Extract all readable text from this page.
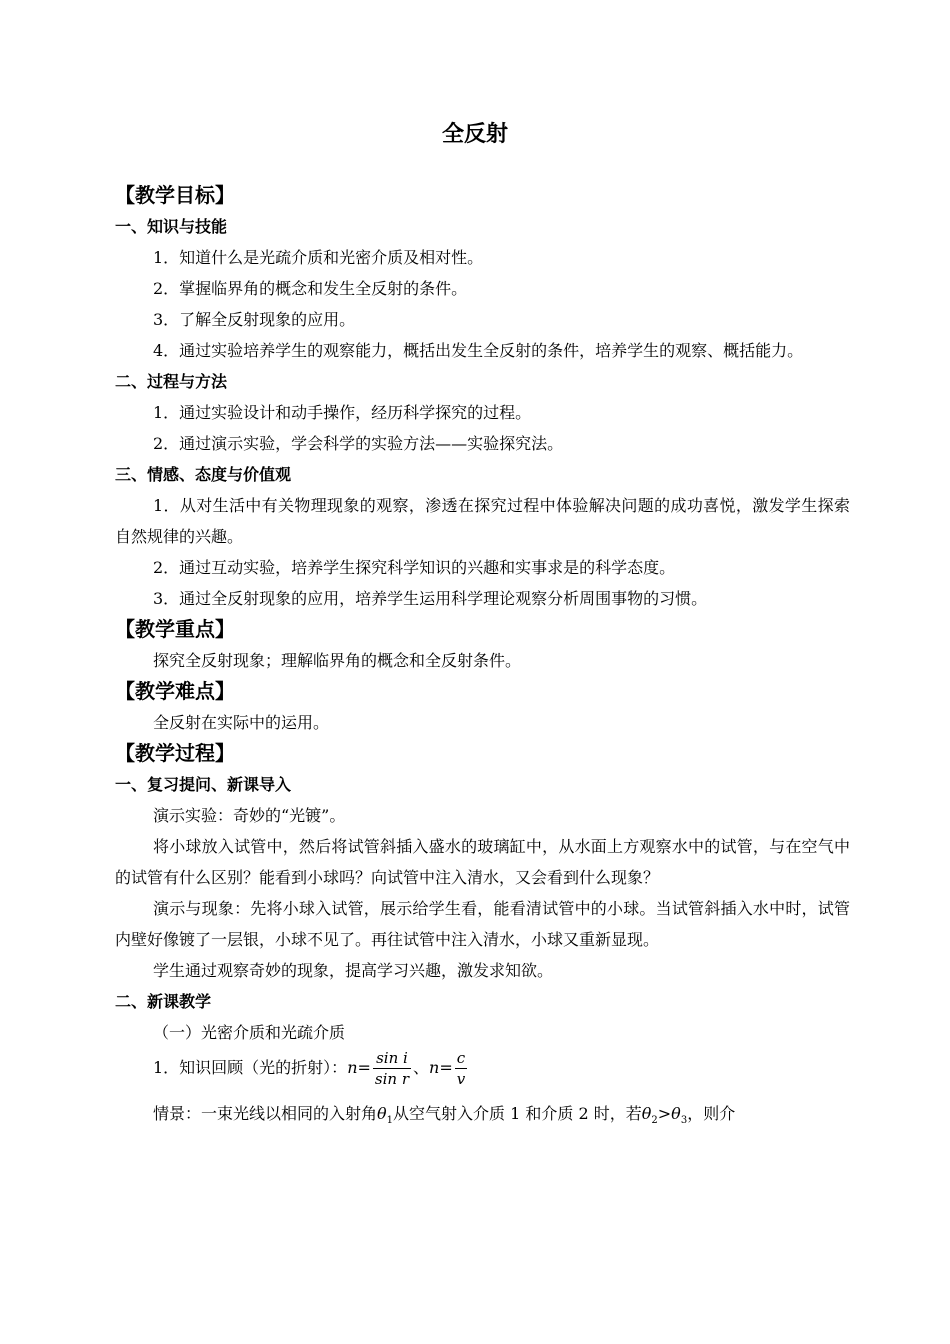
全反射
【教学目标】
一、知识与技能

1．知道什么是光疏介质和光密介质及相对性。

2．掌握临界角的概念和发生全反射的条件。

3．了解全反射现象的应用。

4．通过实验培养学生的观察能力，概括出发生全反射的条件，培养学生的观察、概括能力。

二、过程与方法

1．通过实验设计和动手操作，经历科学探究的过程。

2．通过演示实验，学会科学的实验方法——实验探究法。

三、情感、态度与价值观

1．从对生活中有关物理现象的观察，渗透在探究过程中体验解决问题的成功喜悦，激发学生探索自然规律的兴趣。

2．通过互动实验，培养学生探究科学知识的兴趣和实事求是的科学态度。

3．通过全反射现象的应用，培养学生运用科学理论观察分析周围事物的习惯。

【教学重点】

探究全反射现象；理解临界角的概念和全反射条件。

【教学难点】

全反射在实际中的运用。

【教学过程】
一、复习提问、新课导入

演示实验：奇妙的“光镀”。

将小球放入试管中，然后将试管斜插入盛水的玻璃缸中，从水面上方观察水中的试管，与在空气中的试管有什么区别？能看到小球吗？向试管中注入清水，又会看到什么现象？

演示与现象：先将小球入试管，展示给学生看，能看清试管中的小球。当试管斜插入水中时，试管内壁好像镀了一层银，小球不见了。再往试管中注入清水，小球又重新显现。

学生通过观察奇妙的现象，提高学习兴趣，激发求知欲。

二、新课教学

（一）光密介质和光疏介质

1．知识回顾（光的折射）：$n= \frac{\text{sin i}}{\text{sin r}}$ 、$n= \frac{c}{v}$

情景：一束光线以相同的入射角$\theta_1$从空气射入介质 1 和介质 2 时，若$\theta_2>\theta_3$，则介
